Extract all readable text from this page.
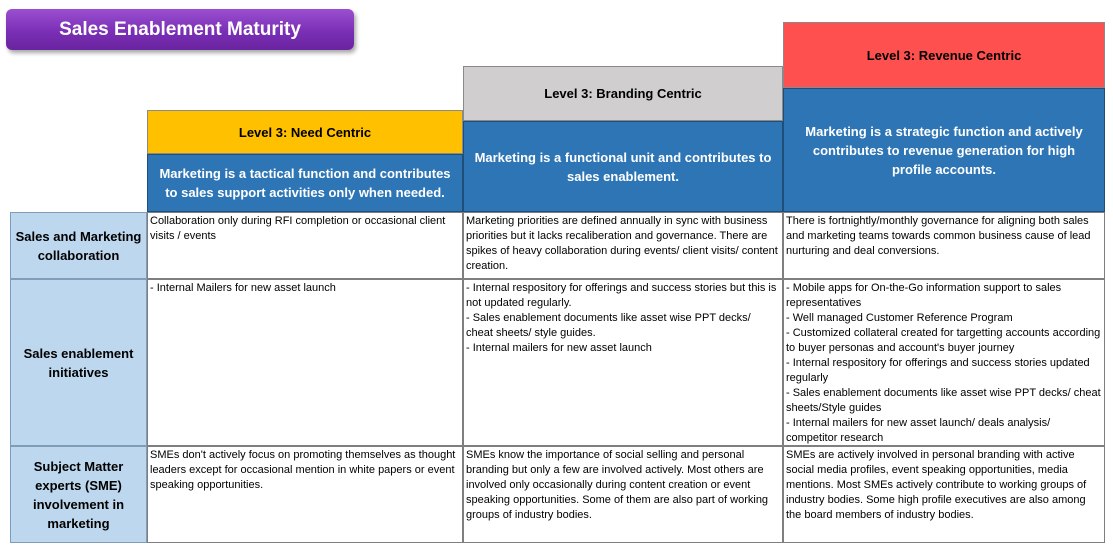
Sales Enablement Maturity
Level 3: Need Centric
Marketing is a tactical function and contributes to sales support activities only when needed.
Level 3: Branding Centric
Marketing is a functional unit and contributes to sales enablement.
Level 3: Revenue Centric
Marketing is a strategic function and actively contributes to revenue generation for high profile accounts.
Sales and Marketing collaboration
Collaboration only during RFI completion or occasional client visits / events
Marketing priorities are defined annually in sync with business priorities but it lacks recaliberation and governance. There are spikes of heavy collaboration during events/ client visits/ content creation.
There is fortnightly/monthly governance for aligning both sales and marketing teams towards common business cause of lead nurturing and deal conversions.
Sales enablement initiatives
- Internal Mailers for new asset launch	- Internal respository for offerings and success stories but this is not updated regularly.
- Sales enablement documents like asset wise PPT decks/ cheat sheets/ style guides.
- Internal mailers for new asset launch
- Mobile apps for On-the-Go information support to sales representatives
- Well managed Customer Reference Program
- Customized collateral created for targetting accounts according to buyer personas and account's buyer journey
- Internal respository for offerings and success stories updated regularly
- Sales enablement documents like asset wise PPT decks/ cheat sheets/Style guides
- Internal mailers for new asset launch/ deals analysis/ competitor research
Subject Matter experts (SME) involvement in marketing
SMEs don't actively focus on promoting themselves as thought leaders except for occasional mention in white papers or event speaking opportunities.
SMEs know the importance of social selling and personal branding but only a few are involved actively. Most others are involved only occasionally during content creation or event speaking opportunities. Some of them are also part of working groups of industry bodies.
SMEs are actively involved in personal branding with active social media profiles, event speaking opportunities, media mentions. Most SMEs actively contribute to working groups of industry bodies. Some high profile executives are also among the board members of industry bodies.
